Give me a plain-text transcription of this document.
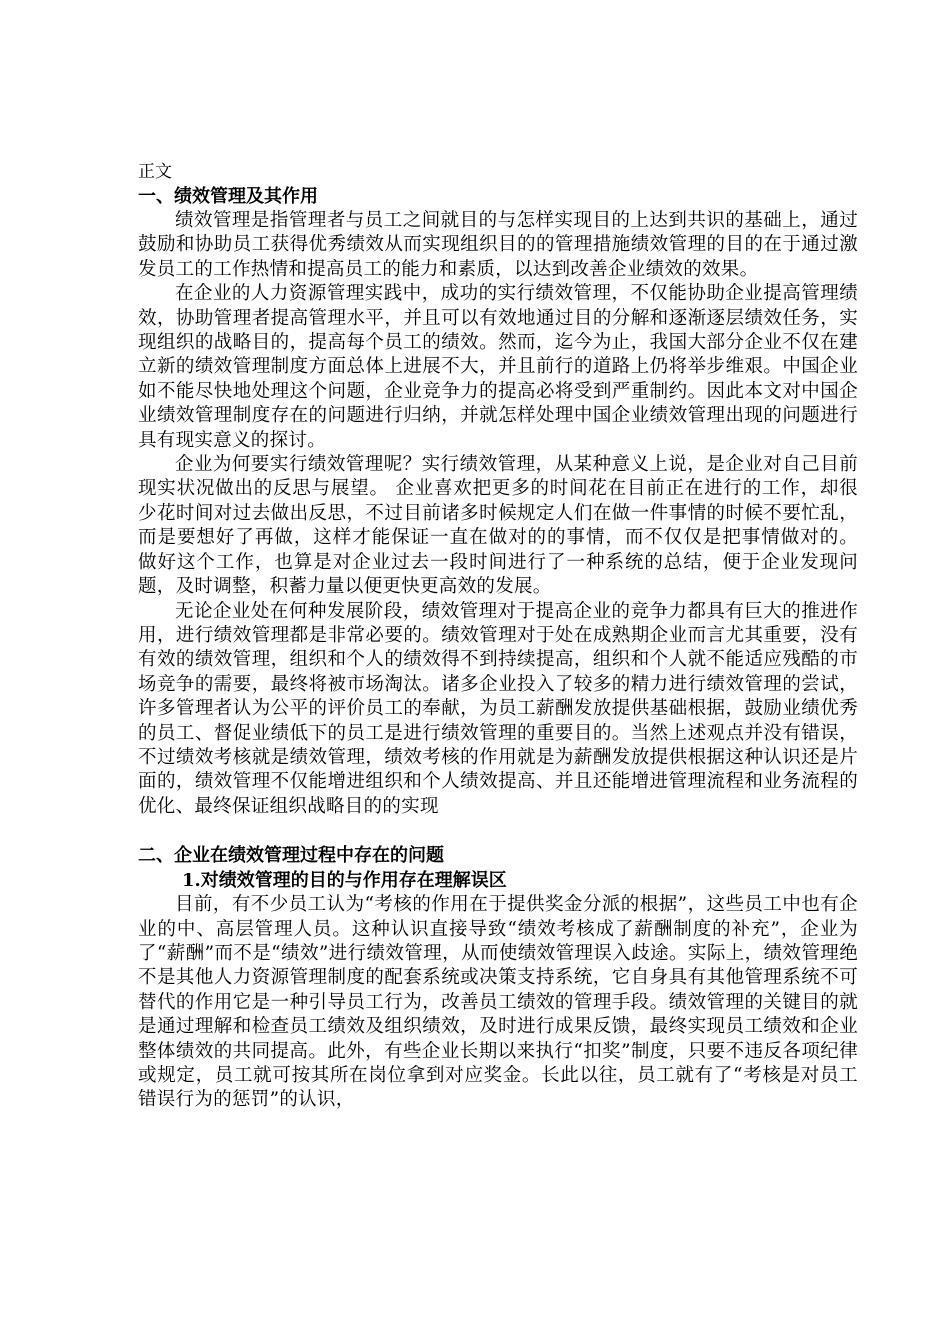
正文

一、绩效管理及其作用

绩效管理是指管理者与员工之间就目的与怎样实现目的上达到共识的基础上，通过鼓励和协助员工获得优秀绩效从而实现组织目的的管理措施绩效管理的目的在于通过激发员工的工作热情和提高员工的能力和素质，以达到改善企业绩效的效果。

在企业的人力资源管理实践中，成功的实行绩效管理，不仅能协助企业提高管理绩效，协助管理者提高管理水平，并且可以有效地通过目的分解和逐渐逐层绩效任务，实现组织的战略目的，提高每个员工的绩效。然而，迄今为止，我国大部分企业不仅在建立新的绩效管理制度方面总体上进展不大，并且前行的道路上仍将举步维艰。中国企业如不能尽快地处理这个问题，企业竞争力的提高必将受到严重制约。因此本文对中国企业绩效管理制度存在的问题进行归纳，并就怎样处理中国企业绩效管理出现的问题进行具有现实意义的探讨。

企业为何要实行绩效管理呢？实行绩效管理，从某种意义上说，是企业对自己目前现实状况做出的反思与展望。 企业喜欢把更多的时间花在目前正在进行的工作，却很少花时间对过去做出反思，不过目前诸多时候规定人们在做一件事情的时候不要忙乱，而是要想好了再做，这样才能保证一直在做对的的事情，而不仅仅是把事情做对的。 做好这个工作，也算是对企业过去一段时间进行了一种系统的总结，便于企业发现问题，及时调整，积蓄力量以便更快更高效的发展。

无论企业处在何种发展阶段，绩效管理对于提高企业的竞争力都具有巨大的推进作用，进行绩效管理都是非常必要的。绩效管理对于处在成熟期企业而言尤其重要，没有有效的绩效管理，组织和个人的绩效得不到持续提高，组织和个人就不能适应残酷的市场竞争的需要，最终将被市场淘汰。诸多企业投入了较多的精力进行绩效管理的尝试，许多管理者认为公平的评价员工的奉献，为员工薪酬发放提供基础根据，鼓励业绩优秀的员工、督促业绩低下的员工是进行绩效管理的重要目的。当然上述观点并没有错误，不过绩效考核就是绩效管理，绩效考核的作用就是为薪酬发放提供根据这种认识还是片面的，绩效管理不仅能增进组织和个人绩效提高、并且还能增进管理流程和业务流程的优化、最终保证组织战略目的的实现

二、企业在绩效管理过程中存在的问题

1.对绩效管理的目的与作用存在理解误区

目前，有不少员工认为“考核的作用在于提供奖金分派的根据”，这些员工中也有企业的中、高层管理人员。这种认识直接导致“绩效考核成了薪酬制度的补充”，企业为了“薪酬”而不是“绩效”进行绩效管理，从而使绩效管理误入歧途。实际上，绩效管理绝不是其他人力资源管理制度的配套系统或决策支持系统，它自身具有其他管理系统不可替代的作用它是一种引导员工行为，改善员工绩效的管理手段。绩效管理的关键目的就是通过理解和检查员工绩效及组织绩效，及时进行成果反馈，最终实现员工绩效和企业整体绩效的共同提高。此外，有些企业长期以来执行“扣奖”制度，只要不违反各项纪律或规定，员工就可按其所在岗位拿到对应奖金。长此以往，员工就有了“考核是对员工错误行为的惩罚”的认识，
